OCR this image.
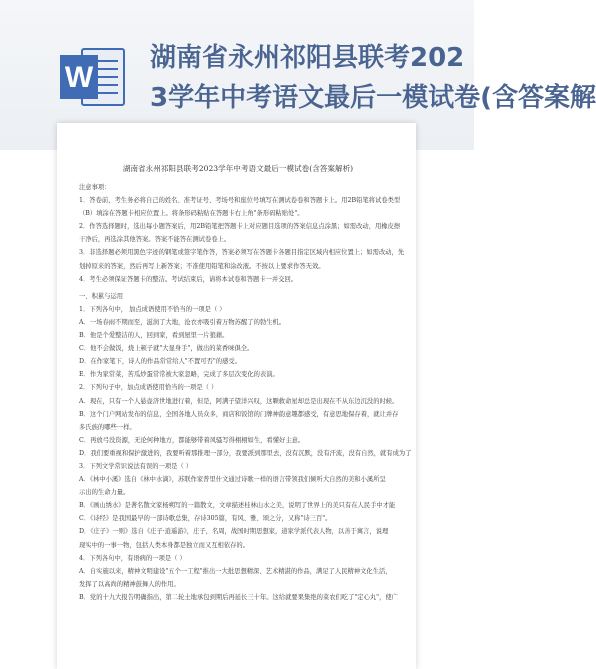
W
湖南省永州祁阳县联考202
3学年中考语文最后一模试卷(含答案解
湖南省永州祁阳县联考2023学年中考语文最后一模试卷(含答案解析)
注意事项：
1．答卷前，考生务必将自己的姓名、准考证号、考场号和座位号填写在测试卷卷和答题卡上。用2B铅笔将试卷类型
（B）填涂在答题卡相应位置上。将条形码粘贴在答题卡右上角"条形码粘贴处"。
2．作答选择题时，选出每小题答案后，用2B铅笔把答题卡上对应题目选项的答案信息点涂黑；如需改动，用橡皮擦
干净后，再选涂其他答案。答案不能答在测试卷卷上。
3．非选择题必须用黑色字迹的钢笔或签字笔作答，答案必须写在答题卡各题目指定区域内相应位置上；如需改动，先
划掉原来的答案，然后再写上新答案；不准使用铅笔和涂改液。不按以上要求作答无效。
4．考生必须保证答题卡的整洁。考试结束后，请将本试卷和答题卡一并交回。
一、积累与运用
1．下列各句中， 加点成语使用不恰当的一项是（ ）
A．一场春雨不期而至，滋润了大地，沧衣亦吸引着万物苏醒了的勃生机。
B．他是个爱整洁的人，回到家，看到屋里一片狼藉。
C．他不会做饭，烧上顿子就"大显身手"，做出的菜香味俱全。
D．在作家笔下，诗人的作品常常给人"不置可否"的感受。
E．作为家常菜，苦瓜炒蛋常常被大家忽略，完成了多层次变化的表演。
2．下列句子中，加点成语使用恰当的一项是（ ）
A．現在，只有一个人悬壶济世地进行着，但是，阿满子望洋兴叹，这颗救命星却总是出现在不从东边沉没的时候。
B．这个门户网站发布的信息，全国各地人员众多，商店和饭馆的门牌神韵意趣都感受，有意思地保存着，就让并存
多氏族的哪些一样。
C．再放弓没资源，无论何种地方，都能够带着风骚写得栩栩如生，看懂好主意。
D．我们要重视和保护激进的，我要听着那推理一部分，我要派到那里去，没有沉默，没有汗流，没有自然，就有成为了
3．下列文学常识说法有误的一项是（ ）
A．《林中小溪》选自《林中水滴》，苏联作家普里什文通过诗歌一样的语言带领我们倾听大自然的美和小溪所呈
示出的生命力量。
B．《画山绣水》是著名散文家杨朔写的一篇散文，文章描述桂林山水之美，说明了世界上的美只有在人民手中才能
C．《诗经》是我国最早的一部诗歌总集，存诗305篇，有风、雅、颂之分，又称"诗三百"。
D．《庄子》一则》选自《庄子·逍遥游》，庄子，名周，战国时期思想家，道家学派代表人物，以善于寓言，说理
现实中的一事一物，包括人类本身都是独立而又互相依存的。
4．下列各句中，有语病的一项是（ ）
A．自实施以来，精神文明建设"五个一工程"推出一大批思想精深、艺术精湛的作品，满足了人民精神文化生活，
发挥了以高尚的精神鼓舞人的作用。
B．党的十九大报告明确指出，第二轮土地承包到期后再延长三十年。这给就要果集绝的菜农们吃了"定心丸"，使广
